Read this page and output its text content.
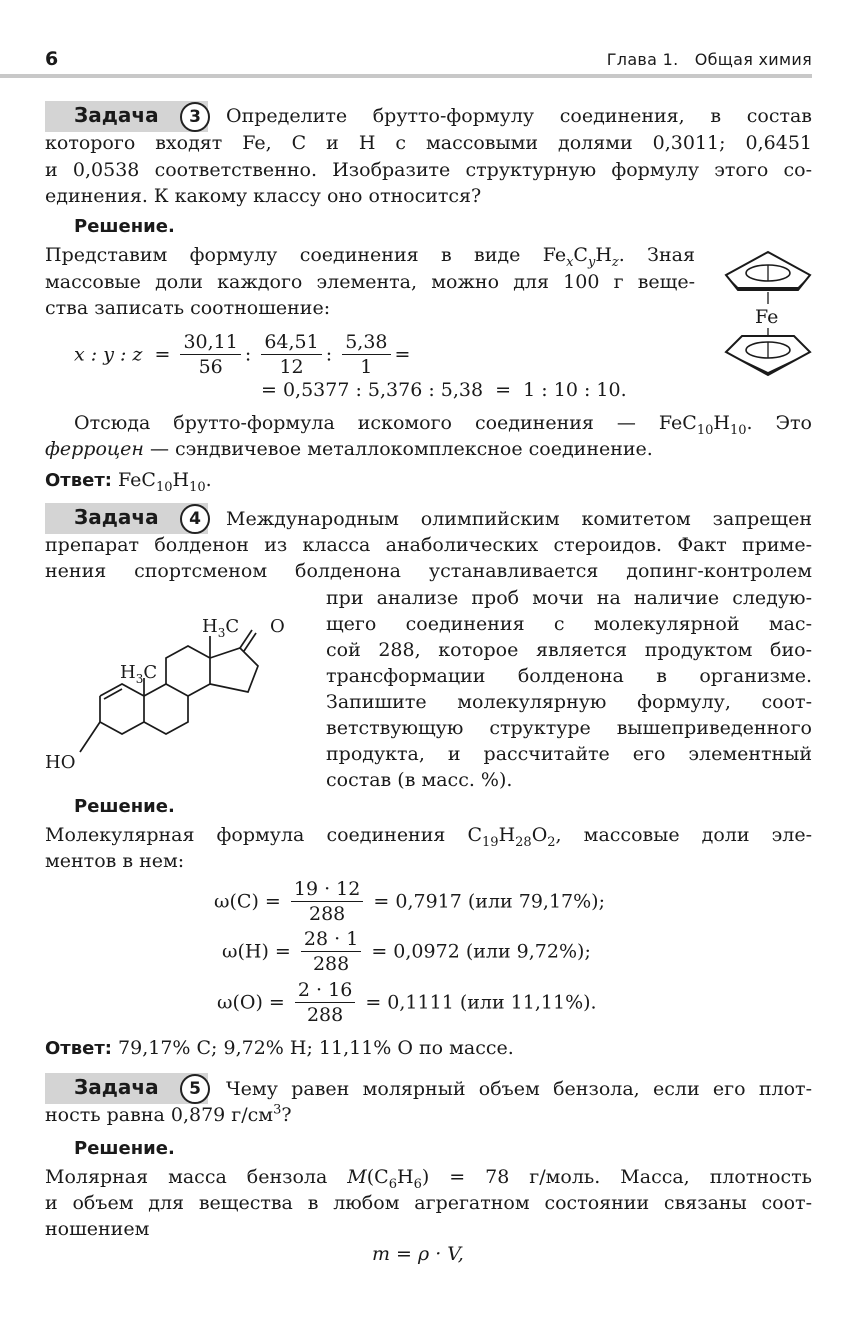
6	Глава 1. Общая химия
Задача	3	Определите брутто-формулу соединения, в состав
которого входят Fe, C и H с массовыми долями 0,3011; 0,6451
и 0,0538 соответственно. Изобразите структурную формулу этого со-
единения. К какому классу оно относится?
Решение.
Представим формулу соединения в виде $Fe_xC_yH_z$. Зная
массовые доли каждого элемента, можно для 100 г веще-
ства записать соотношение:	Fe
x : y : $z = \frac{30,11}{56}$ : $\frac{64,51}{12}$ : $\frac{5,38}{1}$ =
= 0,5377 : 5,376 : 5,38  =  1 : 10 : 10.
Отсюда брутто-формула искомого соединения — $FeC_{10}H_{10}$. Это
ферроцен — сэндвичевое металлокомплексное соединение.
Ответ: $FeC_{10}H_{10}$.
Задача	4	Международным олимпийским комитетом запрещен
препарат болденон из класса анаболических стероидов. Факт приме-
нения спортсменом болденона устанавливается допинг-контролем
при анализе проб мочи на наличие следую-
щего соединения с молекулярной мас-
сой 288, которое является продуктом био-
трансформации болденона в организме.
Запишите молекулярную формулу, соот-
ветствующую структуре вышеприведенного
продукта, и рассчитайте его элементный
состав (в масс. %).
$H_3C$ O
$H_3C$
HO
Решение.
Молекулярная формула соединения $C_{19}H_{28}O_2$, массовые доли эле-
ментов в нем:
$\omega(C) = \frac{19 \cdot 12}{288} = 0,7917$ (или 79,17%);
$\omega(H) = \frac{28 \cdot 1}{288} = 0,0972$ (или 9,72%);
$\omega(O) = \frac{2 \cdot 16}{288} = 0,1111$ (или 11,11%).
Ответ: 79,17% C; 9,72% H; 11,11% O по массе.
Задача	5	Чему равен молярный объем бензола, если его плот-
ность равна 0,879 $г/см^3$?
Решение.
Молярная масса бензола $M(C_6H_6) = 78$ г/моль. Масса, плотность
и объем для вещества в любом агрегатном состоянии связаны соот-
ношением
m = ρ · V,
